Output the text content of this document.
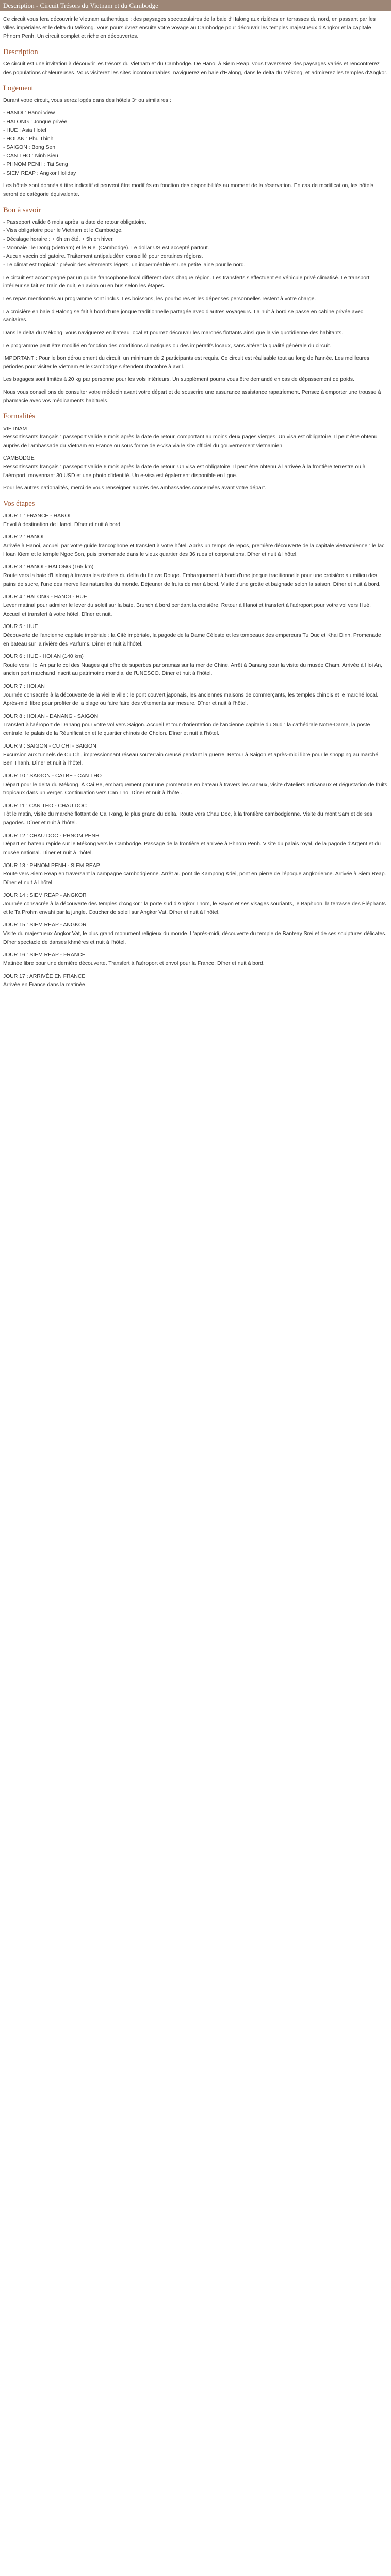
Description - Circuit Trésors du Vietnam et du Cambodge

Ce circuit vous fera découvrir le Vietnam authentique : des paysages spectaculaires de la baie d'Halong aux rizières en terrasses du nord, en passant par les villes impériales et le delta du Mékong. Vous poursuivrez ensuite votre voyage au Cambodge pour découvrir les temples majestueux d'Angkor et la capitale Phnom Penh. Un circuit complet et riche en découvertes.

Description

Ce circuit est une invitation à découvrir les trésors du Vietnam et du Cambodge. De Hanoï à Siem Reap, vous traverserez des paysages variés et rencontrerez des populations chaleureuses. Vous visiterez les sites incontournables, naviguerez en baie d'Halong, dans le delta du Mékong, et admirerez les temples d'Angkor.

Logement

Durant votre circuit, vous serez logés dans des hôtels 3* ou similaires :

- HANOI : Hanoi View
- HALONG : Jonque privée
- HUE : Asia Hotel
- HOI AN : Phu Thinh
- SAIGON : Bong Sen
- CAN THO : Ninh Kieu
- PHNOM PENH : Tai Seng
- SIEM REAP : Angkor Holiday

Les hôtels sont donnés à titre indicatif et peuvent être modifiés en fonction des disponibilités au moment de la réservation. En cas de modification, les hôtels seront de catégorie équivalente.

Bon à savoir
- Passeport valide 6 mois après la date de retour obligatoire.
- Visa obligatoire pour le Vietnam et le Cambodge.
- Décalage horaire : + 6h en été, + 5h en hiver.
- Monnaie : le Dong (Vietnam) et le Riel (Cambodge). Le dollar US est accepté partout.
- Aucun vaccin obligatoire. Traitement antipaludéen conseillé pour certaines régions.
- Le climat est tropical : prévoir des vêtements légers, un imperméable et une petite laine pour le nord.

Le circuit est accompagné par un guide francophone local différent dans chaque région. Les transferts s'effectuent en véhicule privé climatisé. Le transport intérieur se fait en train de nuit, en avion ou en bus selon les étapes.

Les repas mentionnés au programme sont inclus. Les boissons, les pourboires et les dépenses personnelles restent à votre charge.

La croisière en baie d'Halong se fait à bord d'une jonque traditionnelle partagée avec d'autres voyageurs. La nuit à bord se passe en cabine privée avec sanitaires.

Dans le delta du Mékong, vous naviguerez en bateau local et pourrez découvrir les marchés flottants ainsi que la vie quotidienne des habitants.

Le programme peut être modifié en fonction des conditions climatiques ou des impératifs locaux, sans altérer la qualité générale du circuit.

IMPORTANT : Pour le bon déroulement du circuit, un minimum de 2 participants est requis. Ce circuit est réalisable tout au long de l'année. Les meilleures périodes pour visiter le Vietnam et le Cambodge s'étendent d'octobre à avril.

Les bagages sont limités à 20 kg par personne pour les vols intérieurs. Un supplément pourra vous être demandé en cas de dépassement de poids.

Nous vous conseillons de consulter votre médecin avant votre départ et de souscrire une assurance assistance rapatriement. Pensez à emporter une trousse à pharmacie avec vos médicaments habituels.

Formalités
VIETNAM
Ressortissants français : passeport valide 6 mois après la date de retour, comportant au moins deux pages vierges. Un visa est obligatoire. Il peut être obtenu auprès de l'ambassade du Vietnam en France ou sous forme de e-visa via le site officiel du gouvernement vietnamien.
CAMBODGE
Ressortissants français : passeport valide 6 mois après la date de retour. Un visa est obligatoire. Il peut être obtenu à l'arrivée à la frontière terrestre ou à l'aéroport, moyennant 30 USD et une photo d'identité. Un e-visa est également disponible en ligne.

Pour les autres nationalités, merci de vous renseigner auprès des ambassades concernées avant votre départ.

Vos étapes
JOUR 1 : FRANCE - HANOI
Envol à destination de Hanoi. Dîner et nuit à bord.
JOUR 2 : HANOI
Arrivée à Hanoi, accueil par votre guide francophone et transfert à votre hôtel. Après un temps de repos, première découverte de la capitale vietnamienne : le lac Hoan Kiem et le temple Ngoc Son, puis promenade dans le vieux quartier des 36 rues et corporations. Dîner et nuit à l'hôtel.
JOUR 3 : HANOI - HALONG (165 km)
Route vers la baie d'Halong à travers les rizières du delta du fleuve Rouge. Embarquement à bord d'une jonque traditionnelle pour une croisière au milieu des pains de sucre, l'une des merveilles naturelles du monde. Déjeuner de fruits de mer à bord. Visite d'une grotte et baignade selon la saison. Dîner et nuit à bord.
JOUR 4 : HALONG - HANOI - HUE
Lever matinal pour admirer le lever du soleil sur la baie. Brunch à bord pendant la croisière. Retour à Hanoi et transfert à l'aéroport pour votre vol vers Hué. Accueil et transfert à votre hôtel. Dîner et nuit.
JOUR 5 : HUE
Découverte de l'ancienne capitale impériale : la Cité impériale, la pagode de la Dame Céleste et les tombeaux des empereurs Tu Duc et Khai Dinh. Promenade en bateau sur la rivière des Parfums. Dîner et nuit à l'hôtel.
JOUR 6 : HUE - HOI AN (140 km)
Route vers Hoi An par le col des Nuages qui offre de superbes panoramas sur la mer de Chine. Arrêt à Danang pour la visite du musée Cham. Arrivée à Hoi An, ancien port marchand inscrit au patrimoine mondial de l'UNESCO. Dîner et nuit à l'hôtel.
JOUR 7 : HOI AN
Journée consacrée à la découverte de la vieille ville : le pont couvert japonais, les anciennes maisons de commerçants, les temples chinois et le marché local. Après-midi libre pour profiter de la plage ou faire faire des vêtements sur mesure. Dîner et nuit à l'hôtel.
JOUR 8 : HOI AN - DANANG - SAIGON
Transfert à l'aéroport de Danang pour votre vol vers Saigon. Accueil et tour d'orientation de l'ancienne capitale du Sud : la cathédrale Notre-Dame, la poste centrale, le palais de la Réunification et le quartier chinois de Cholon. Dîner et nuit à l'hôtel.
JOUR 9 : SAIGON - CU CHI - SAIGON
Excursion aux tunnels de Cu Chi, impressionnant réseau souterrain creusé pendant la guerre. Retour à Saigon et après-midi libre pour le shopping au marché Ben Thanh. Dîner et nuit à l'hôtel.
JOUR 10 : SAIGON - CAI BE - CAN THO
Départ pour le delta du Mékong. À Cai Be, embarquement pour une promenade en bateau à travers les canaux, visite d'ateliers artisanaux et dégustation de fruits tropicaux dans un verger. Continuation vers Can Tho. Dîner et nuit à l'hôtel.
JOUR 11 : CAN THO - CHAU DOC
Tôt le matin, visite du marché flottant de Cai Rang, le plus grand du delta. Route vers Chau Doc, à la frontière cambodgienne. Visite du mont Sam et de ses pagodes. Dîner et nuit à l'hôtel.
JOUR 12 : CHAU DOC - PHNOM PENH
Départ en bateau rapide sur le Mékong vers le Cambodge. Passage de la frontière et arrivée à Phnom Penh. Visite du palais royal, de la pagode d'Argent et du musée national. Dîner et nuit à l'hôtel.
JOUR 13 : PHNOM PENH - SIEM REAP
Route vers Siem Reap en traversant la campagne cambodgienne. Arrêt au pont de Kampong Kdei, pont en pierre de l'époque angkorienne. Arrivée à Siem Reap. Dîner et nuit à l'hôtel.
JOUR 14 : SIEM REAP - ANGKOR
Journée consacrée à la découverte des temples d'Angkor : la porte sud d'Angkor Thom, le Bayon et ses visages souriants, le Baphuon, la terrasse des Éléphants et le Ta Prohm envahi par la jungle. Coucher de soleil sur Angkor Vat. Dîner et nuit à l'hôtel.
JOUR 15 : SIEM REAP - ANGKOR
Visite du majestueux Angkor Vat, le plus grand monument religieux du monde. L'après-midi, découverte du temple de Banteay Srei et de ses sculptures délicates. Dîner spectacle de danses khmères et nuit à l'hôtel.
JOUR 16 : SIEM REAP - FRANCE
Matinée libre pour une dernière découverte. Transfert à l'aéroport et envol pour la France. Dîner et nuit à bord.
JOUR 17 : ARRIVÉE EN FRANCE
Arrivée en France dans la matinée.
